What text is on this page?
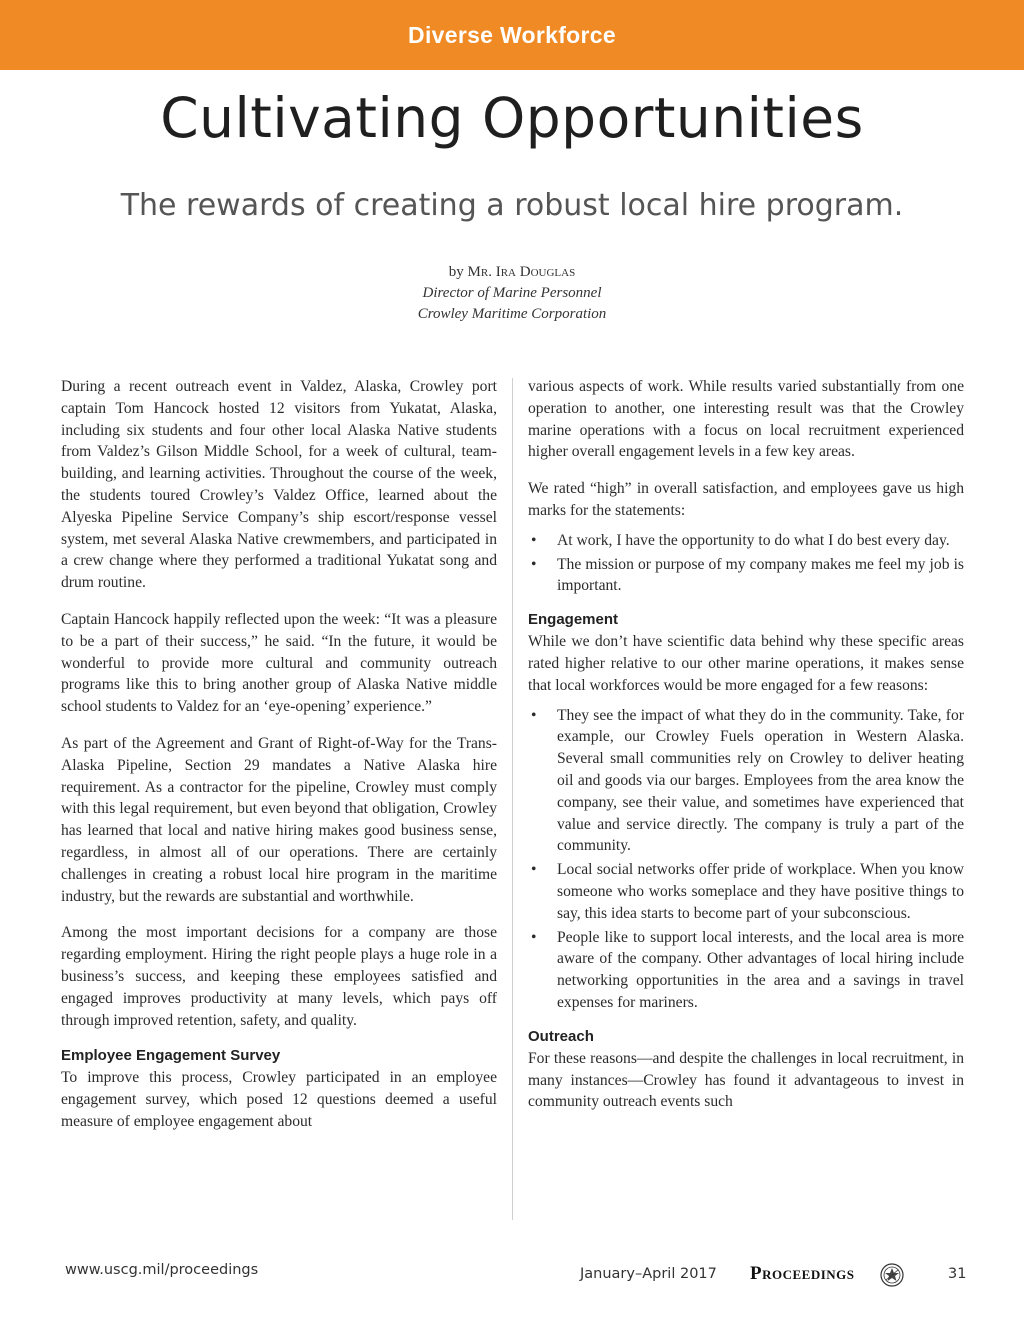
Diverse Workforce
Cultivating Opportunities
The rewards of creating a robust local hire program.
by Mr. Ira Douglas
Director of Marine Personnel
Crowley Maritime Corporation

During a recent outreach event in Valdez, Alaska, Crowley port captain Tom Hancock hosted 12 visitors from Yukatat, Alaska, including six students and four other local Alaska Native students from Valdez’s Gilson Middle School, for a week of cultural, team-building, and learning activities. Throughout the course of the week, the students toured Crowley’s Valdez Office, learned about the Alyeska Pipeline Service Company’s ship escort/response vessel system, met several Alaska Native crewmembers, and participated in a crew change where they performed a traditional Yukatat song and drum routine.

Captain Hancock happily reflected upon the week: “It was a pleasure to be a part of their success,” he said. “In the future, it would be wonderful to provide more cultural and community outreach programs like this to bring another group of Alaska Native middle school students to Valdez for an ‘eye-opening’ experience.”

As part of the Agreement and Grant of Right-of-Way for the Trans-Alaska Pipeline, Section 29 mandates a Native Alaska hire requirement. As a contractor for the pipeline, Crowley must comply with this legal requirement, but even beyond that obligation, Crowley has learned that local and native hiring makes good business sense, regardless, in almost all of our operations. There are certainly challenges in creating a robust local hire program in the maritime industry, but the rewards are substantial and worthwhile.

Among the most important decisions for a company are those regarding employment. Hiring the right people plays a huge role in a business’s success, and keeping these employees satisfied and engaged improves productivity at many levels, which pays off through improved retention, safety, and quality.

Employee Engagement Survey

To improve this process, Crowley participated in an employee engagement survey, which posed 12 questions deemed a useful measure of employee engagement about

various aspects of work. While results varied substantially from one operation to another, one interesting result was that the Crowley marine operations with a focus on local recruitment experienced higher overall engagement levels in a few key areas.

We rated “high” in overall satisfaction, and employees gave us high marks for the statements:

• At work, I have the opportunity to do what I do best every day.
• The mission or purpose of my company makes me feel my job is important.
Engagement

While we don’t have scientific data behind why these specific areas rated higher relative to our other marine operations, it makes sense that local workforces would be more engaged for a few reasons:

• They see the impact of what they do in the community. Take, for example, our Crowley Fuels operation in Western Alaska. Several small communities rely on Crowley to deliver heating oil and goods via our barges. Employees from the area know the company, see their value, and sometimes have experienced that value and service directly. The company is truly a part of the community.
• Local social networks offer pride of workplace. When you know someone who works someplace and they have positive things to say, this idea starts to become part of your subconscious.
• People like to support local interests, and the local area is more aware of the company. Other advantages of local hiring include networking opportunities in the area and a savings in travel expenses for mariners.
Outreach

For these reasons—and despite the challenges in local recruitment, in many instances—Crowley has found it advantageous to invest in community outreach events such

www.uscg.mil/proceedings	January–April 2017 Proceedings	31
